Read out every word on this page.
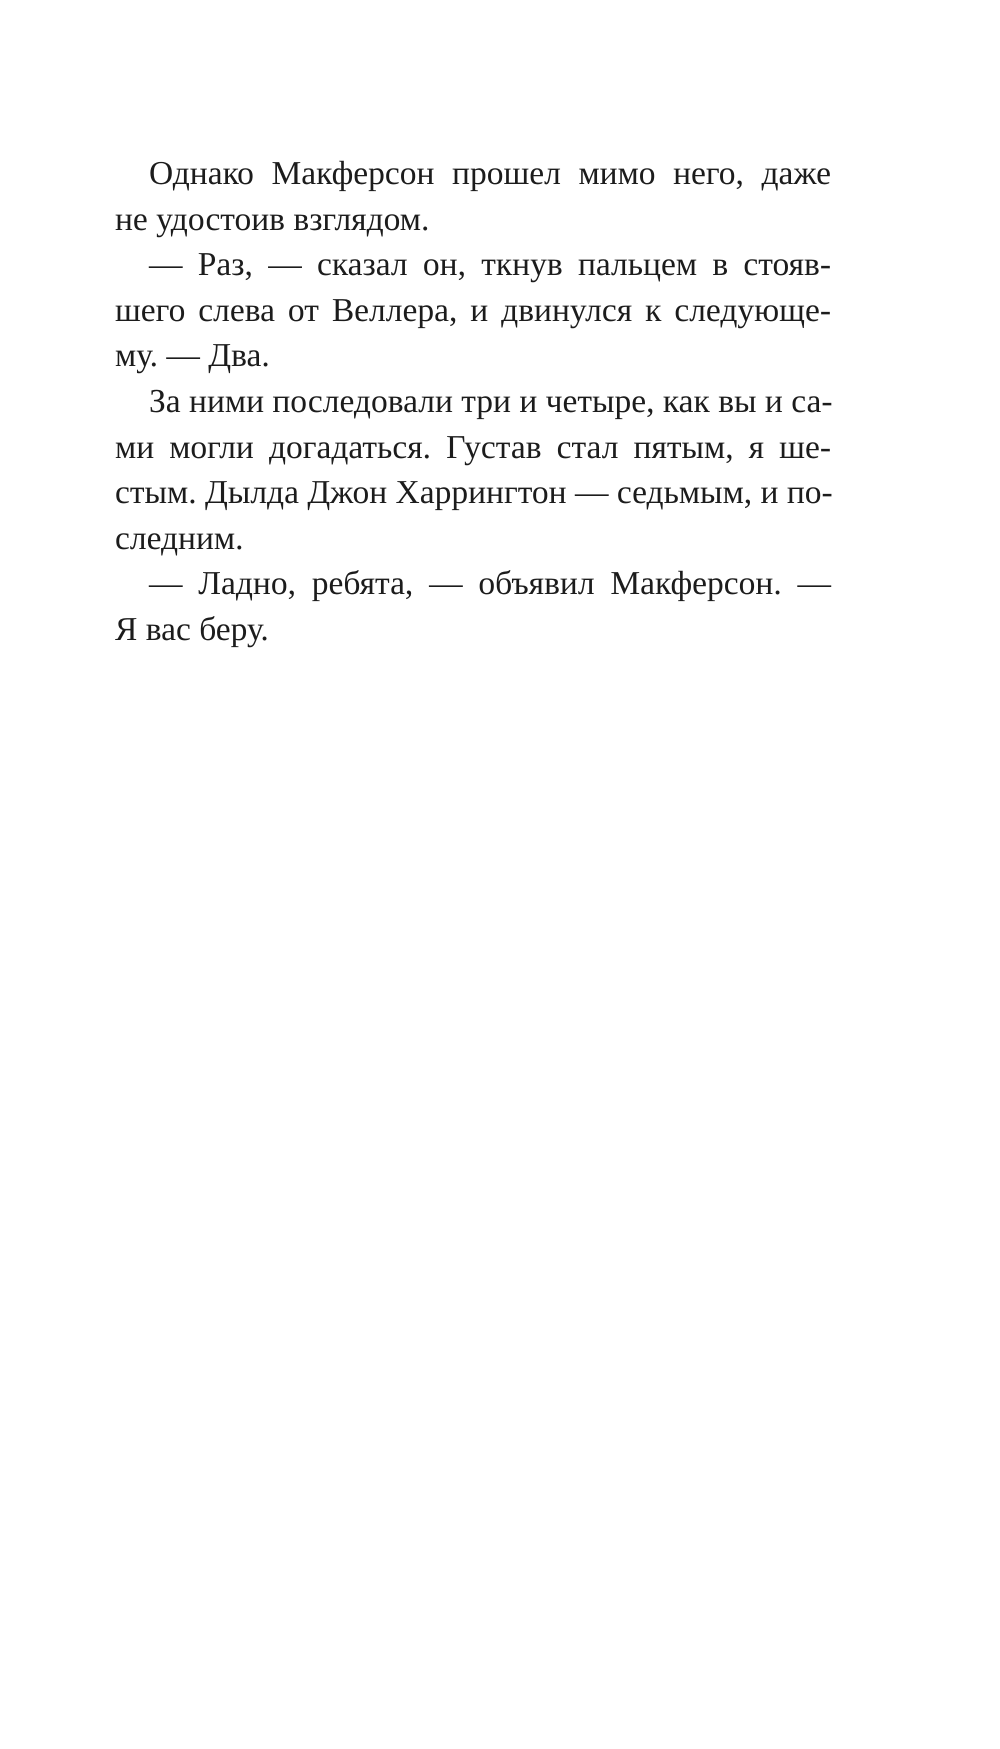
Однако Макферсон прошел мимо него, даже
не удостоив взглядом.
— Раз, — сказал он, ткнув пальцем в стояв-
шего слева от Веллера, и двинулся к следующе-
му. — Два.
За ними последовали три и четыре, как вы и са-
ми могли догадаться. Густав стал пятым, я ше-
стым. Дылда Джон Харрингтон — седьмым, и по-
следним.
— Ладно, ребята, — объявил Макферсон. —
Я вас беру.
